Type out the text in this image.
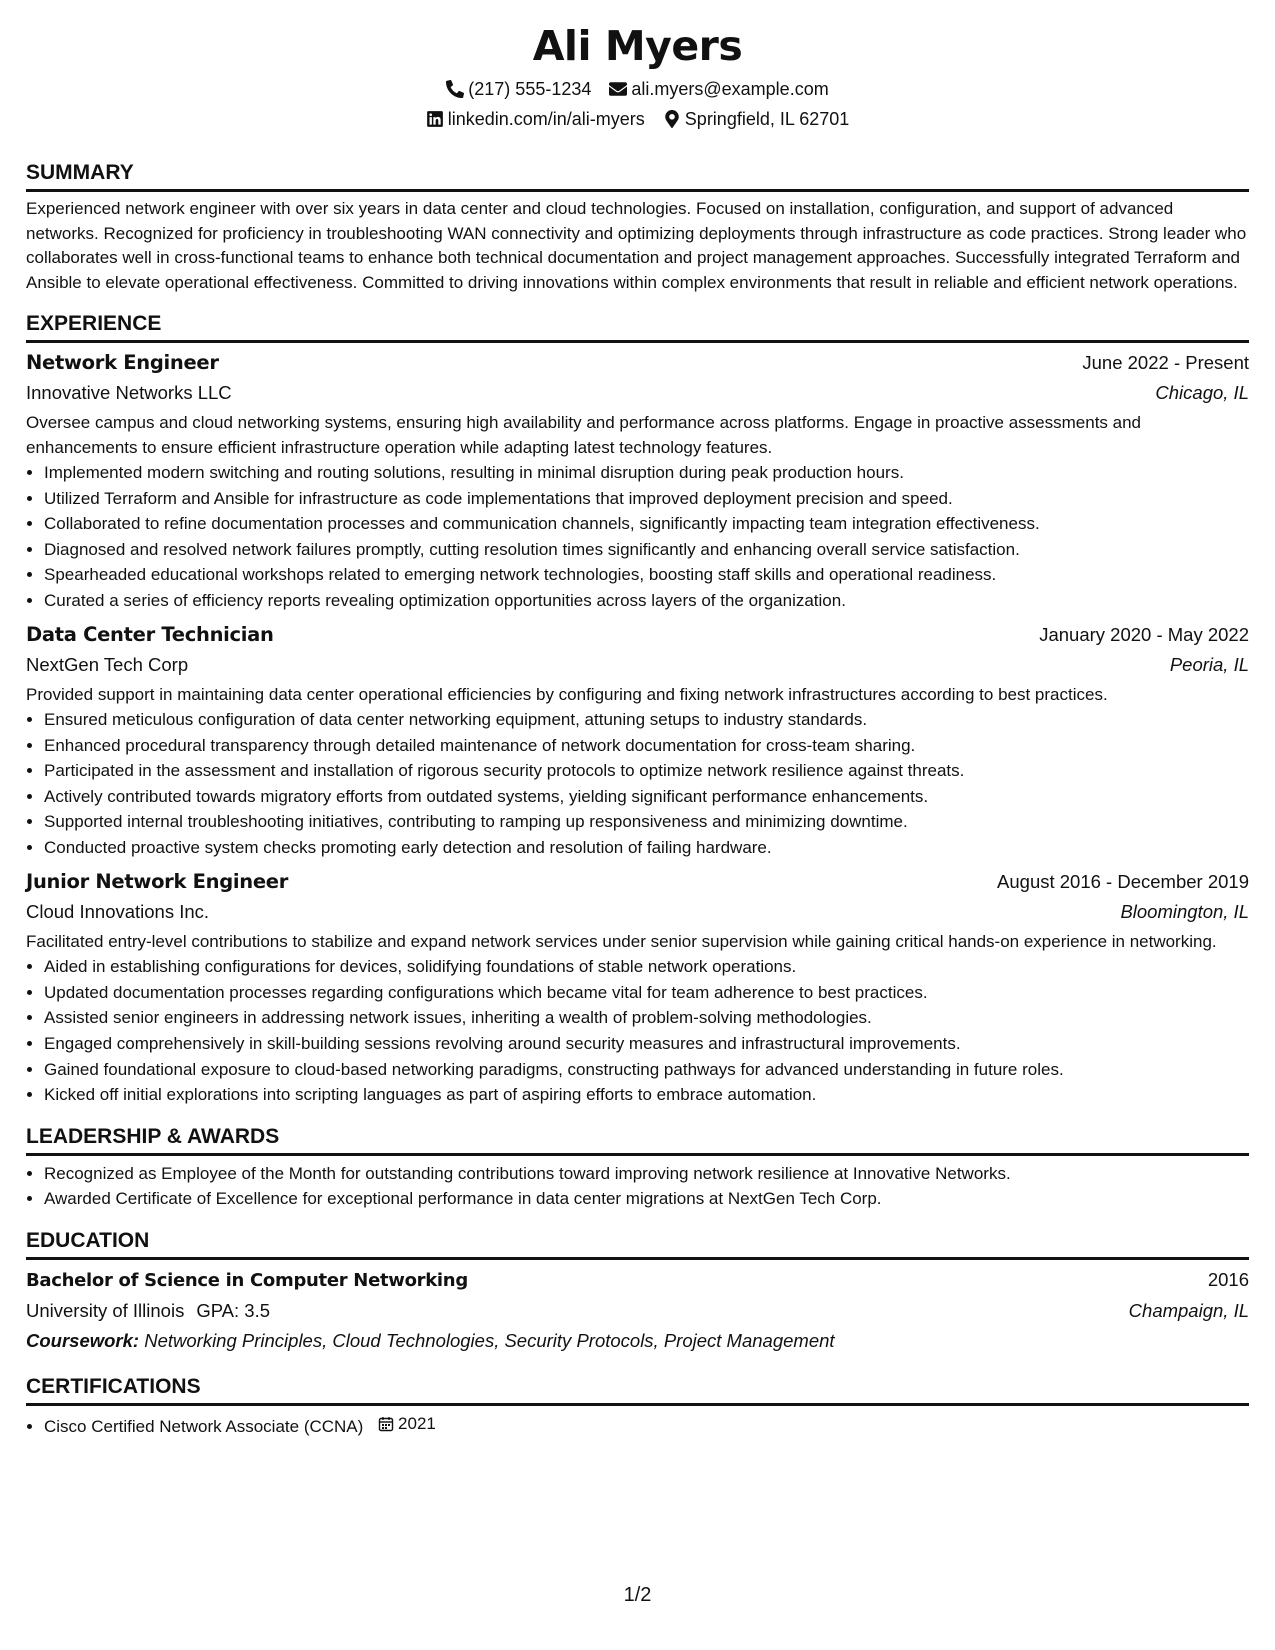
Ali Myers
(217) 555-1234 ali.myers@example.com
linkedin.com/in/ali-myers Springfield, IL 62701
SUMMARY

Experienced network engineer with over six years in data center and cloud technologies. Focused on installation, configuration, and support of advanced networks. Recognized for proficiency in troubleshooting WAN connectivity and optimizing deployments through infrastructure as code practices. Strong leader who collaborates well in cross-functional teams to enhance both technical documentation and project management approaches. Successfully integrated Terraform and Ansible to elevate operational effectiveness. Committed to driving innovations within complex environments that result in reliable and efficient network operations.

EXPERIENCE
Network Engineer	June 2022 - Present
Innovative Networks LLC	Chicago, IL
Oversee campus and cloud networking systems, ensuring high availability and performance across platforms. Engage in proactive assessments and enhancements to ensure efficient infrastructure operation while adapting latest technology features.
• Implemented modern switching and routing solutions, resulting in minimal disruption during peak production hours.
• Utilized Terraform and Ansible for infrastructure as code implementations that improved deployment precision and speed.
• Collaborated to refine documentation processes and communication channels, significantly impacting team integration effectiveness.
• Diagnosed and resolved network failures promptly, cutting resolution times significantly and enhancing overall service satisfaction.
• Spearheaded educational workshops related to emerging network technologies, boosting staff skills and operational readiness.
• Curated a series of efficiency reports revealing optimization opportunities across layers of the organization.
Data Center Technician	January 2020 - May 2022
NextGen Tech Corp	Peoria, IL
Provided support in maintaining data center operational efficiencies by configuring and fixing network infrastructures according to best practices.
• Ensured meticulous configuration of data center networking equipment, attuning setups to industry standards.
• Enhanced procedural transparency through detailed maintenance of network documentation for cross-team sharing.
• Participated in the assessment and installation of rigorous security protocols to optimize network resilience against threats.
• Actively contributed towards migratory efforts from outdated systems, yielding significant performance enhancements.
• Supported internal troubleshooting initiatives, contributing to ramping up responsiveness and minimizing downtime.
• Conducted proactive system checks promoting early detection and resolution of failing hardware.
Junior Network Engineer	August 2016 - December 2019
Cloud Innovations Inc.	Bloomington, IL
Facilitated entry-level contributions to stabilize and expand network services under senior supervision while gaining critical hands-on experience in networking.
• Aided in establishing configurations for devices, solidifying foundations of stable network operations.
• Updated documentation processes regarding configurations which became vital for team adherence to best practices.
• Assisted senior engineers in addressing network issues, inheriting a wealth of problem-solving methodologies.
• Engaged comprehensively in skill-building sessions revolving around security measures and infrastructural improvements.
• Gained foundational exposure to cloud-based networking paradigms, constructing pathways for advanced understanding in future roles.
• Kicked off initial explorations into scripting languages as part of aspiring efforts to embrace automation.
LEADERSHIP & AWARDS
• Recognized as Employee of the Month for outstanding contributions toward improving network resilience at Innovative Networks.
• Awarded Certificate of Excellence for exceptional performance in data center migrations at NextGen Tech Corp.
EDUCATION
Bachelor of Science in Computer Networking	2016
University of Illinois GPA: 3.5	Champaign, IL
Coursework: Networking Principles, Cloud Technologies, Security Protocols, Project Management
CERTIFICATIONS
• Cisco Certified Network Associate (CCNA) 2021
1/2
